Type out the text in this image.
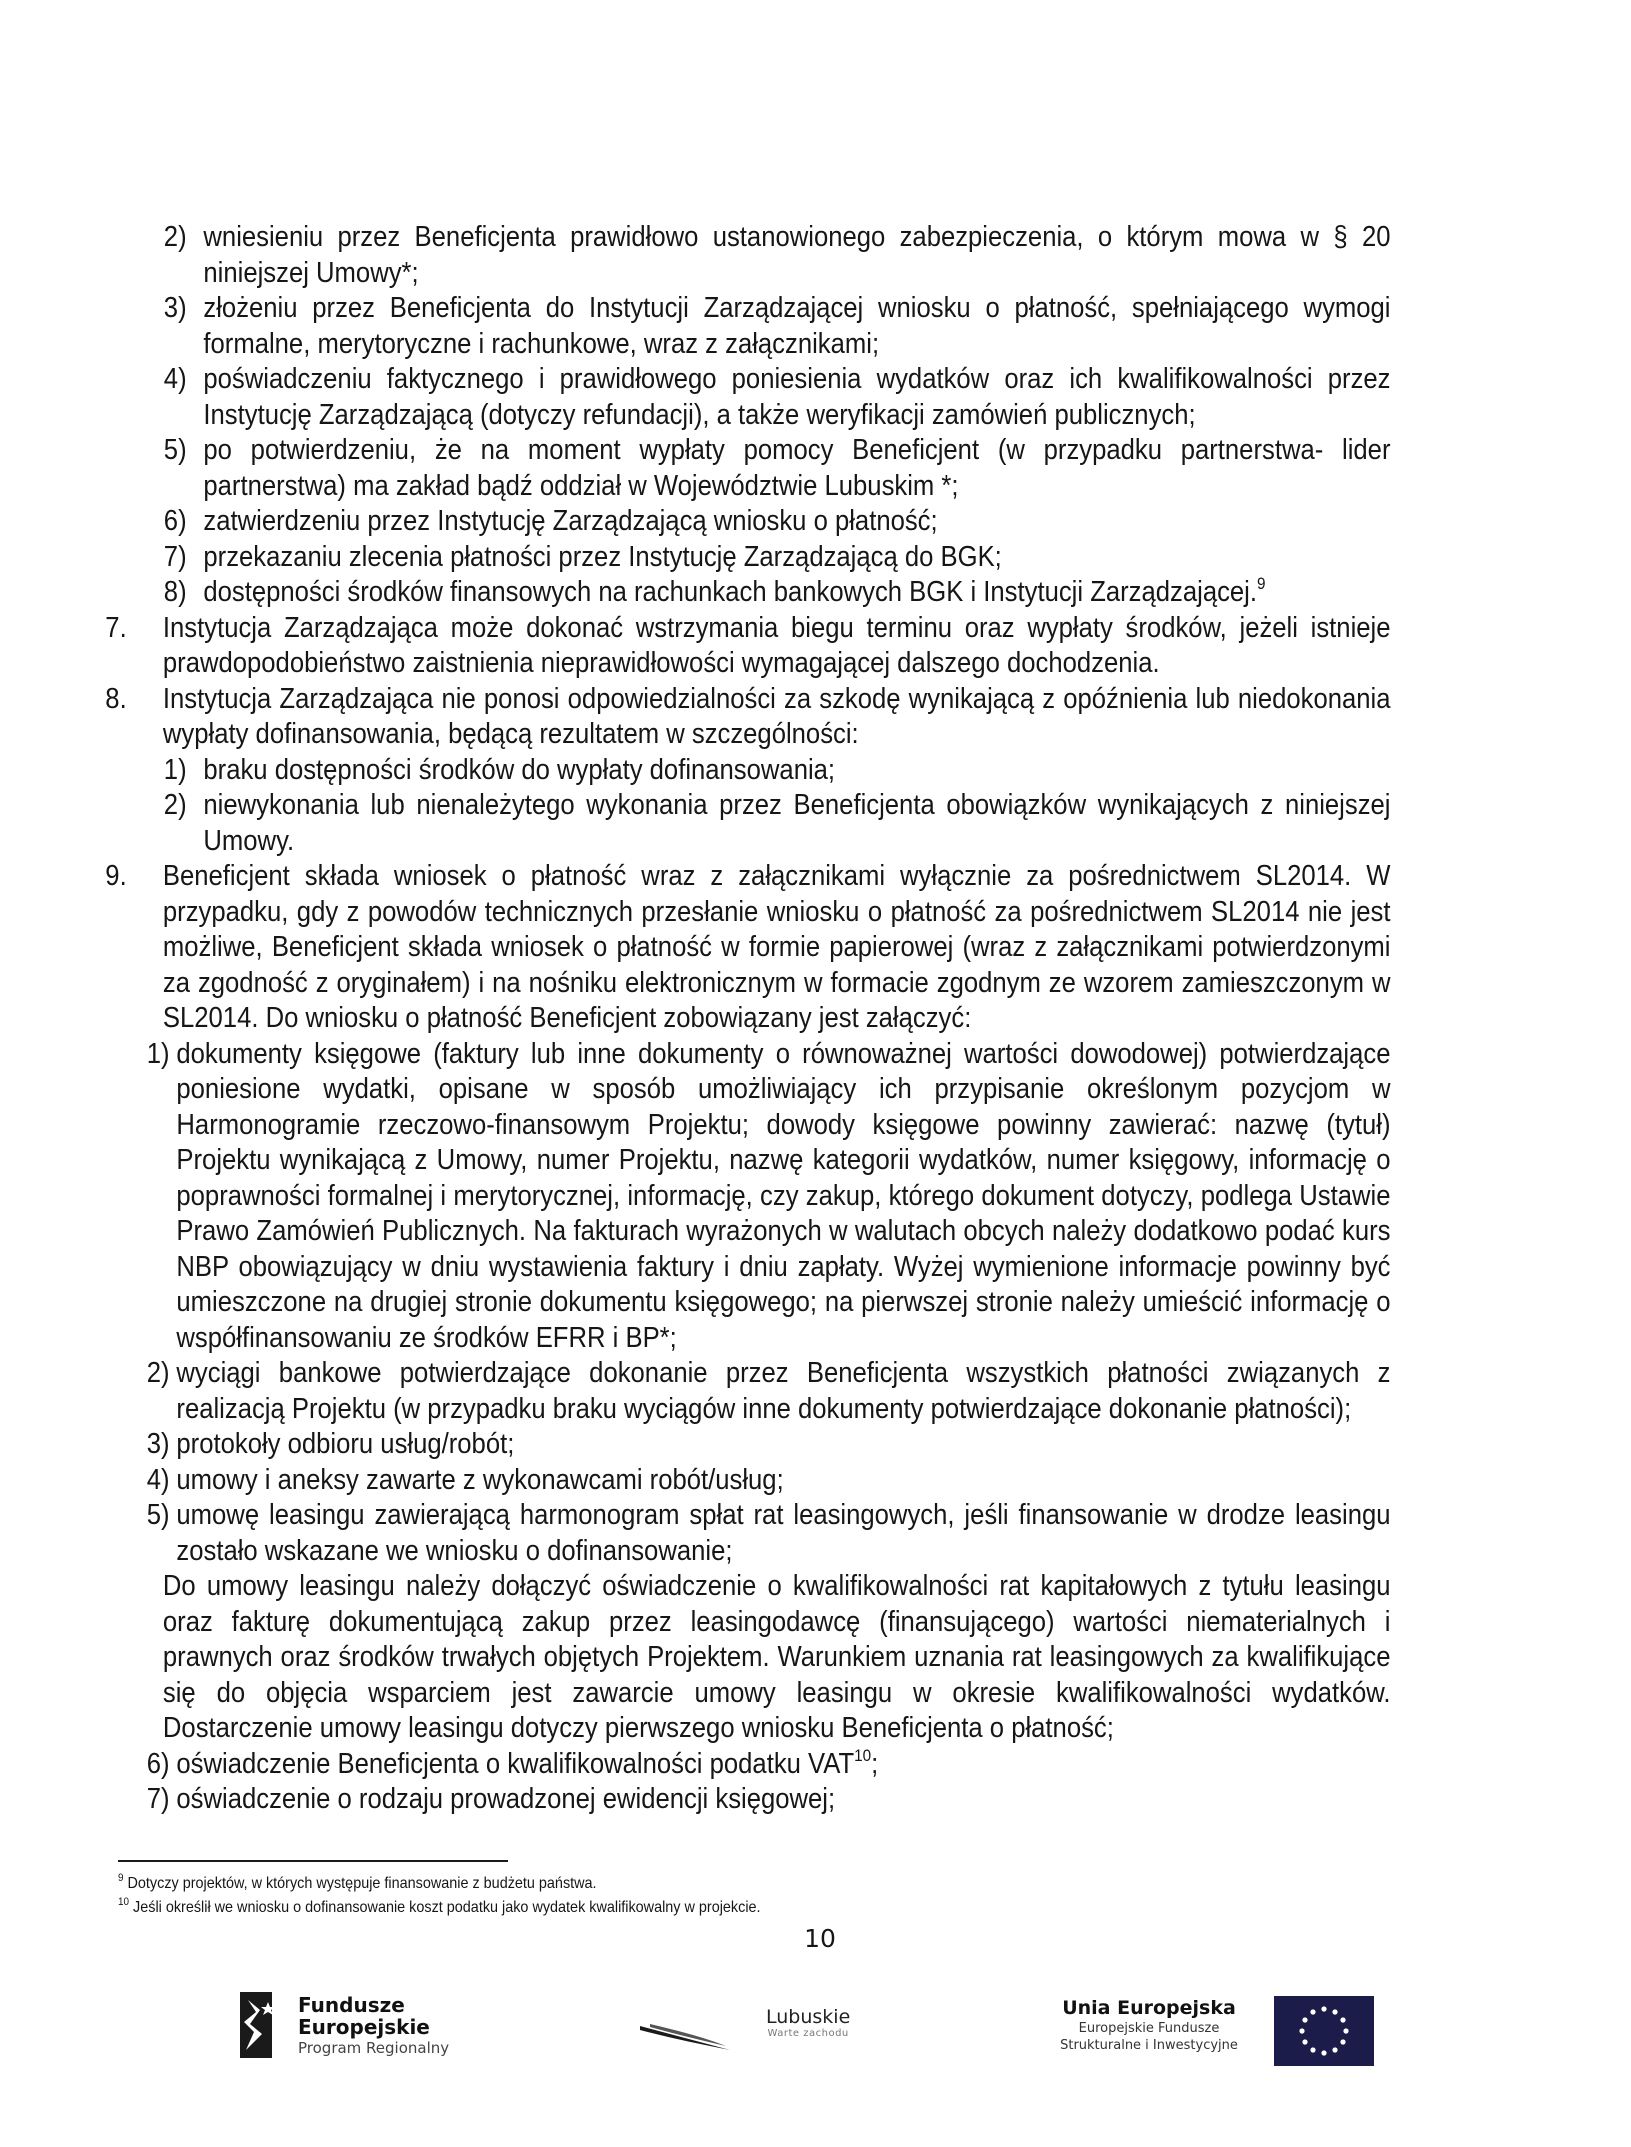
2) wniesieniu przez Beneficjenta prawidłowo ustanowionego zabezpieczenia, o którym mowa w § 20 niniejszej Umowy*;
3) złożeniu przez Beneficjenta do Instytucji Zarządzającej wniosku o płatność, spełniającego wymogi formalne, merytoryczne i rachunkowe, wraz z załącznikami;
4) poświadczeniu faktycznego i prawidłowego poniesienia wydatków oraz ich kwalifikowalności przez Instytucję Zarządzającą (dotyczy refundacji), a także weryfikacji zamówień publicznych;
5) po potwierdzeniu, że na moment wypłaty pomocy Beneficjent (w przypadku partnerstwa- lider partnerstwa) ma zakład bądź oddział w Województwie Lubuskim *;
6) zatwierdzeniu przez Instytucję Zarządzającą wniosku o płatność;
7) przekazaniu zlecenia płatności przez Instytucję Zarządzającą do BGK;
8) dostępności środków finansowych na rachunkach bankowych BGK i Instytucji Zarządzającej.$^9$
7. Instytucja Zarządzająca może dokonać wstrzymania biegu terminu oraz wypłaty środków, jeżeli istnieje prawdopodobieństwo zaistnienia nieprawidłowości wymagającej dalszego dochodzenia.
8. Instytucja Zarządzająca nie ponosi odpowiedzialności za szkodę wynikającą z opóźnienia lub niedokonania wypłaty dofinansowania, będącą rezultatem w szczególności:
1) braku dostępności środków do wypłaty dofinansowania;
2) niewykonania lub nienależytego wykonania przez Beneficjenta obowiązków wynikających z niniejszej Umowy.
9. Beneficjent składa wniosek o płatność wraz z załącznikami wyłącznie za pośrednictwem SL2014. W przypadku, gdy z powodów technicznych przesłanie wniosku o płatność za pośrednictwem SL2014 nie jest możliwe, Beneficjent składa wniosek o płatność w formie papierowej (wraz z załącznikami potwierdzonymi za zgodność z oryginałem) i na nośniku elektronicznym w formacie zgodnym ze wzorem zamieszczonym w SL2014. Do wniosku o płatność Beneficjent zobowiązany jest załączyć:
1) dokumenty księgowe (faktury lub inne dokumenty o równoważnej wartości dowodowej) potwierdzające poniesione wydatki, opisane w sposób umożliwiający ich przypisanie określonym pozycjom w Harmonogramie rzeczowo-finansowym Projektu; dowody księgowe powinny zawierać: nazwę (tytuł) Projektu wynikającą z Umowy, numer Projektu, nazwę kategorii wydatków, numer księgowy, informację o poprawności formalnej i merytorycznej, informację, czy zakup, którego dokument dotyczy, podlega Ustawie Prawo Zamówień Publicznych. Na fakturach wyrażonych w walutach obcych należy dodatkowo podać kurs NBP obowiązujący w dniu wystawienia faktury i dniu zapłaty. Wyżej wymienione informacje powinny być umieszczone na drugiej stronie dokumentu księgowego; na pierwszej stronie należy umieścić informację o współfinansowaniu ze środków EFRR i BP*;
2) wyciągi bankowe potwierdzające dokonanie przez Beneficjenta wszystkich płatności związanych z realizacją Projektu (w przypadku braku wyciągów inne dokumenty potwierdzające dokonanie płatności);
3) protokoły odbioru usług/robót;
4) umowy i aneksy zawarte z wykonawcami robót/usług;
5) umowę leasingu zawierającą harmonogram spłat rat leasingowych, jeśli finansowanie w drodze leasingu zostało wskazane we wniosku o dofinansowanie;
Do umowy leasingu należy dołączyć oświadczenie o kwalifikowalności rat kapitałowych z tytułu leasingu oraz fakturę dokumentującą zakup przez leasingodawcę (finansującego) wartości niematerialnych i prawnych oraz środków trwałych objętych Projektem. Warunkiem uznania rat leasingowych za kwalifikujące się do objęcia wsparciem jest zawarcie umowy leasingu w okresie kwalifikowalności wydatków. Dostarczenie umowy leasingu dotyczy pierwszego wniosku Beneficjenta o płatność;
6) oświadczenie Beneficjenta o kwalifikowalności podatku VAT$^{10}$;
7) oświadczenie o rodzaju prowadzonej ewidencji księgowej;
$^9$ Dotyczy projektów, w których występuje finansowanie z budżetu państwa.
$^{10}$ Jeśli określił we wniosku o dofinansowanie koszt podatku jako wydatek kwalifikowalny w projekcie.
10
Fundusze
Europejskie
Program Regionalny
Lubuskie
Warte zachodu
Unia Europejska
Europejskie Fundusze
Strukturalne i Inwestycyjne
